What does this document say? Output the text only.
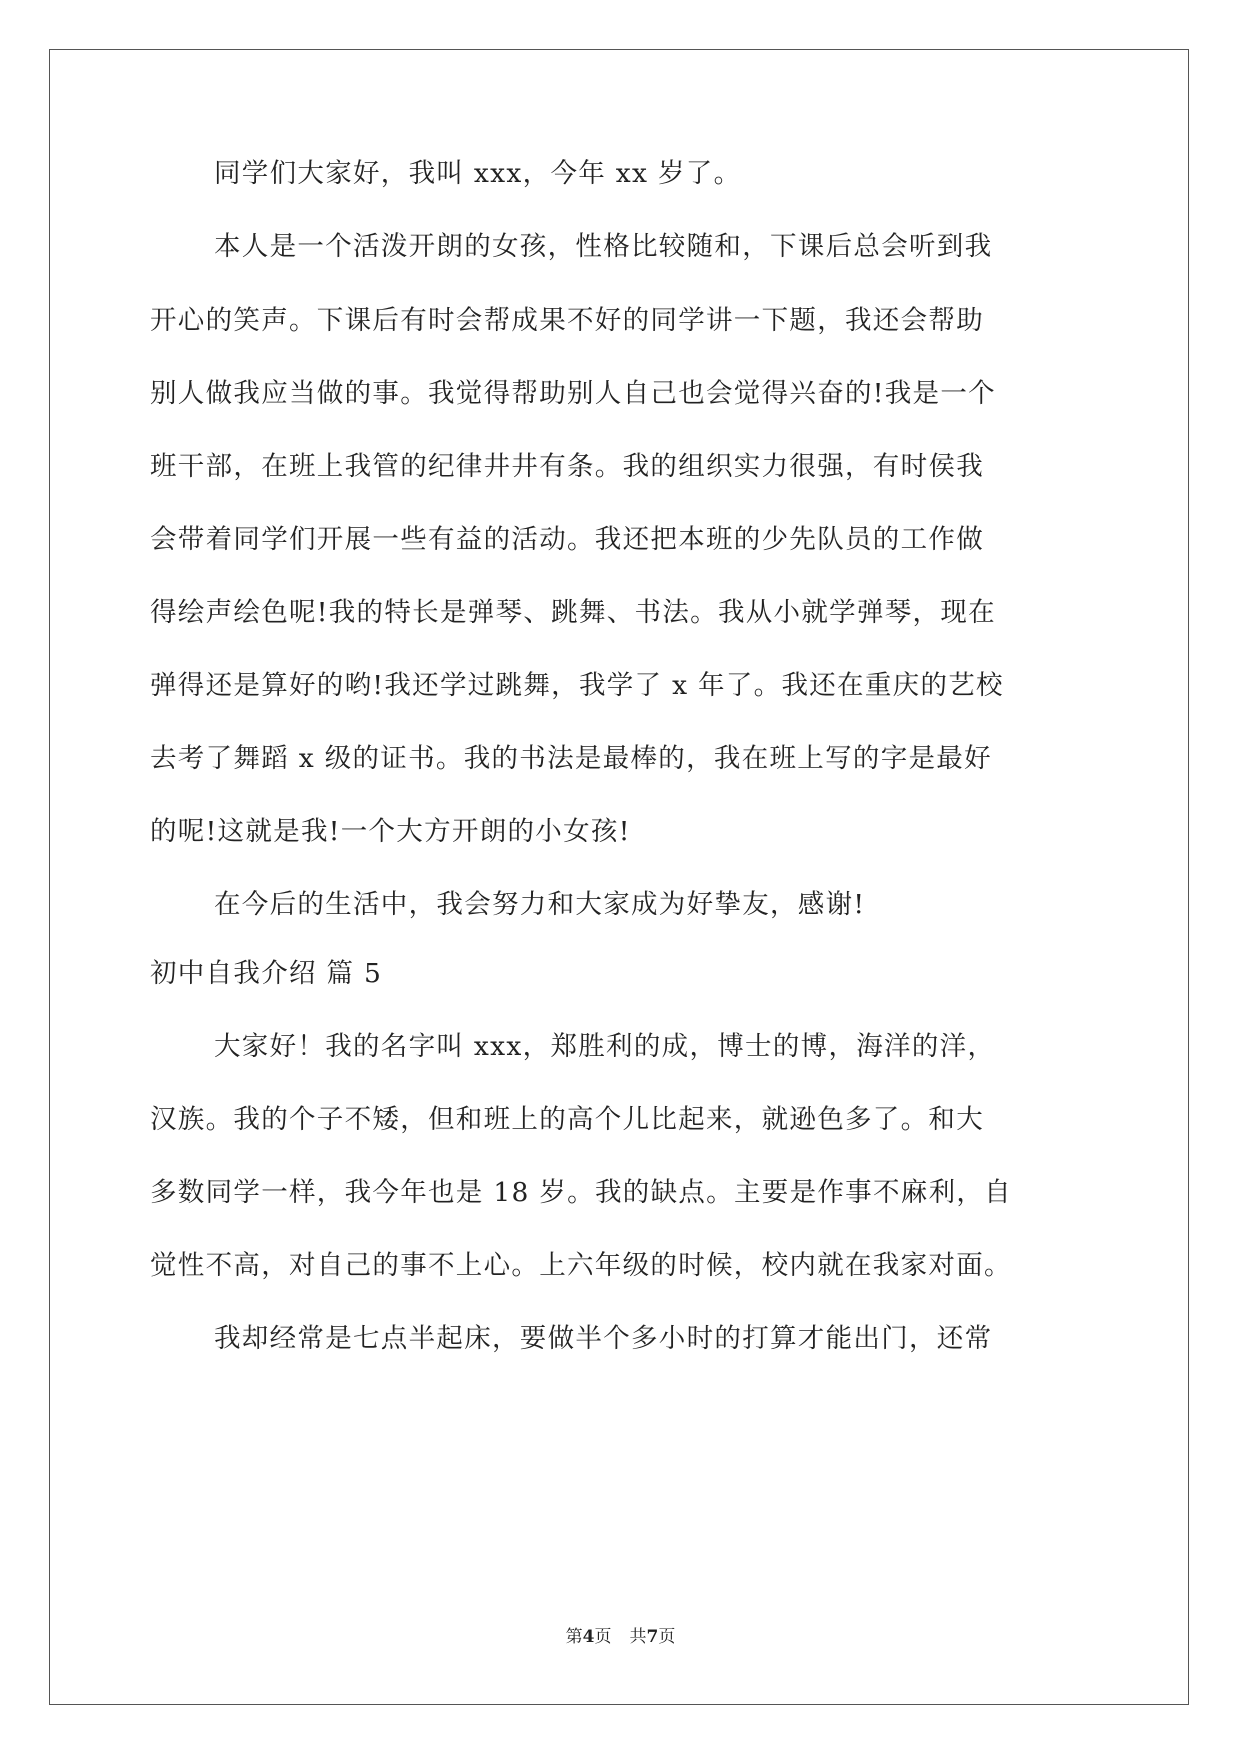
同学们大家好，我叫 xxx，今年 xx 岁了。
本人是一个活泼开朗的女孩，性格比较随和，下课后总会听到我
开心的笑声。下课后有时会帮成果不好的同学讲一下题，我还会帮助
别人做我应当做的事。我觉得帮助别人自己也会觉得兴奋的!我是一个
班干部，在班上我管的纪律井井有条。我的组织实力很强，有时侯我
会带着同学们开展一些有益的活动。我还把本班的少先队员的工作做
得绘声绘色呢!我的特长是弹琴、跳舞、书法。我从小就学弹琴，现在
弹得还是算好的哟!我还学过跳舞，我学了 x 年了。我还在重庆的艺校
去考了舞蹈 x 级的证书。我的书法是最棒的，我在班上写的字是最好
的呢!这就是我!一个大方开朗的小女孩!
在今后的生活中，我会努力和大家成为好挚友，感谢!
初中自我介绍 篇 5
大家好！我的名字叫 xxx，郑胜利的成，博士的博，海洋的洋，
汉族。我的个子不矮，但和班上的高个儿比起来，就逊色多了。和大
多数同学一样，我今年也是 18 岁。我的缺点。主要是作事不麻利，自
觉性不高，对自己的事不上心。上六年级的时候，校内就在我家对面。
我却经常是七点半起床，要做半个多小时的打算才能出门，还常
第4页 共7页
